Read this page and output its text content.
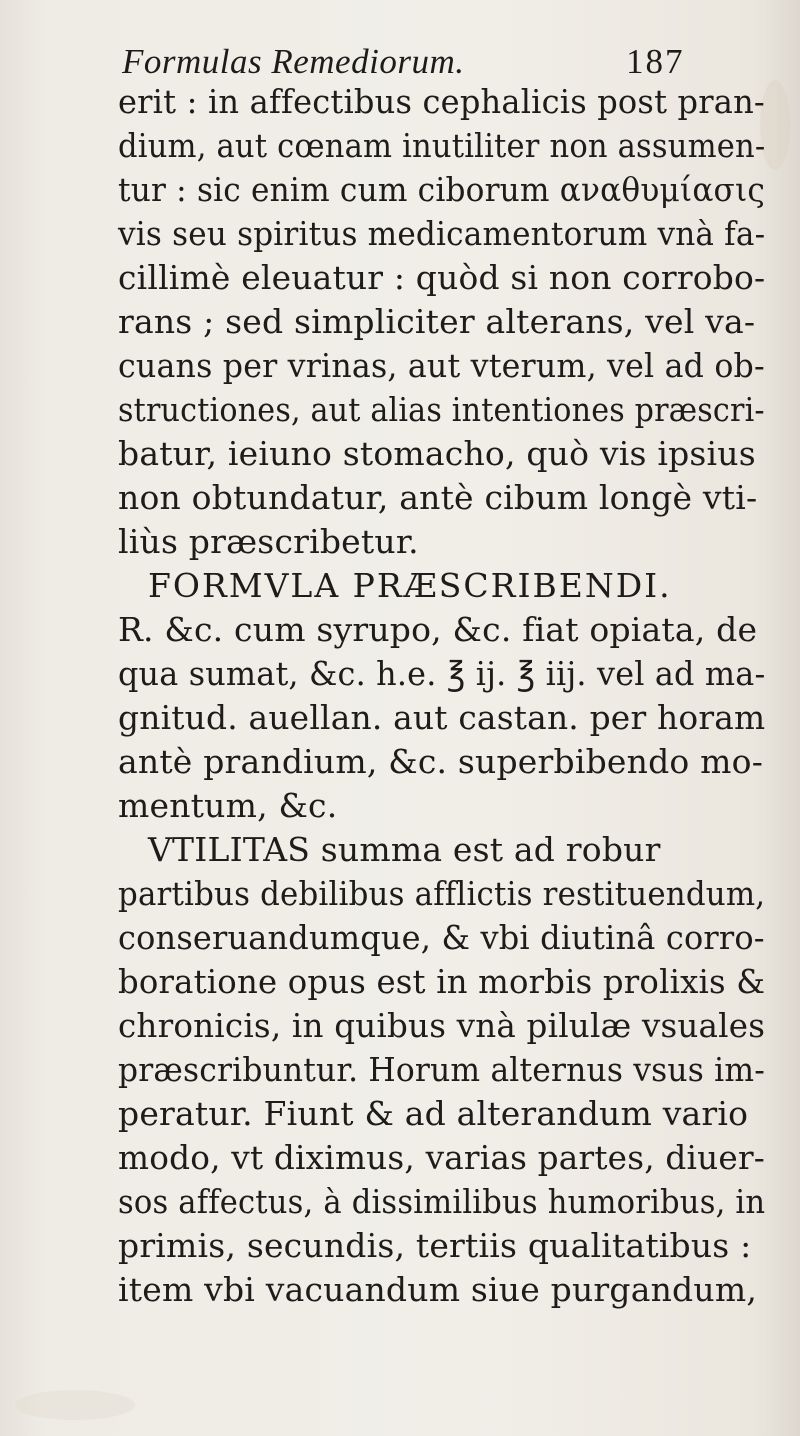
Formulas Remediorum.	187
erit : in affectibus cephalicis post pran-
dium, aut cœnam inutiliter non assumen-
tur : sic enim cum ciborum αναθυμίασις
vis seu spiritus medicamentorum vnà fa-
cillimè eleuatur : quòd si non corrobo-
rans ; sed simpliciter alterans, vel va-
cuans per vrinas, aut vterum, vel ad ob-
structiones, aut alias intentiones præscri-
batur, ieiuno stomacho, quò vis ipsius
non obtundatur, antè cibum longè vti-
liùs præscribetur.
FORMVLA PRÆSCRIBENDI.
R. &c. cum syrupo, &c. fiat opiata, de
qua sumat, &c. h.e. ℥ ij. ℥ iij. vel ad ma-
gnitud. auellan. aut castan. per horam
antè prandium, &c. superbibendo mo-
mentum, &c.
VTILITAS summa est ad robur
partibus debilibus afflictis restituendum,
conseruandumque, & vbi diutinâ corro-
boratione opus est in morbis prolixis &
chronicis, in quibus vnà pilulæ vsuales
præscribuntur. Horum alternus vsus im-
peratur. Fiunt & ad alterandum vario
modo, vt diximus, varias partes, diuer-
sos affectus, à dissimilibus humoribus, in
primis, secundis, tertiis qualitatibus :
item vbi vacuandum siue purgandum,
